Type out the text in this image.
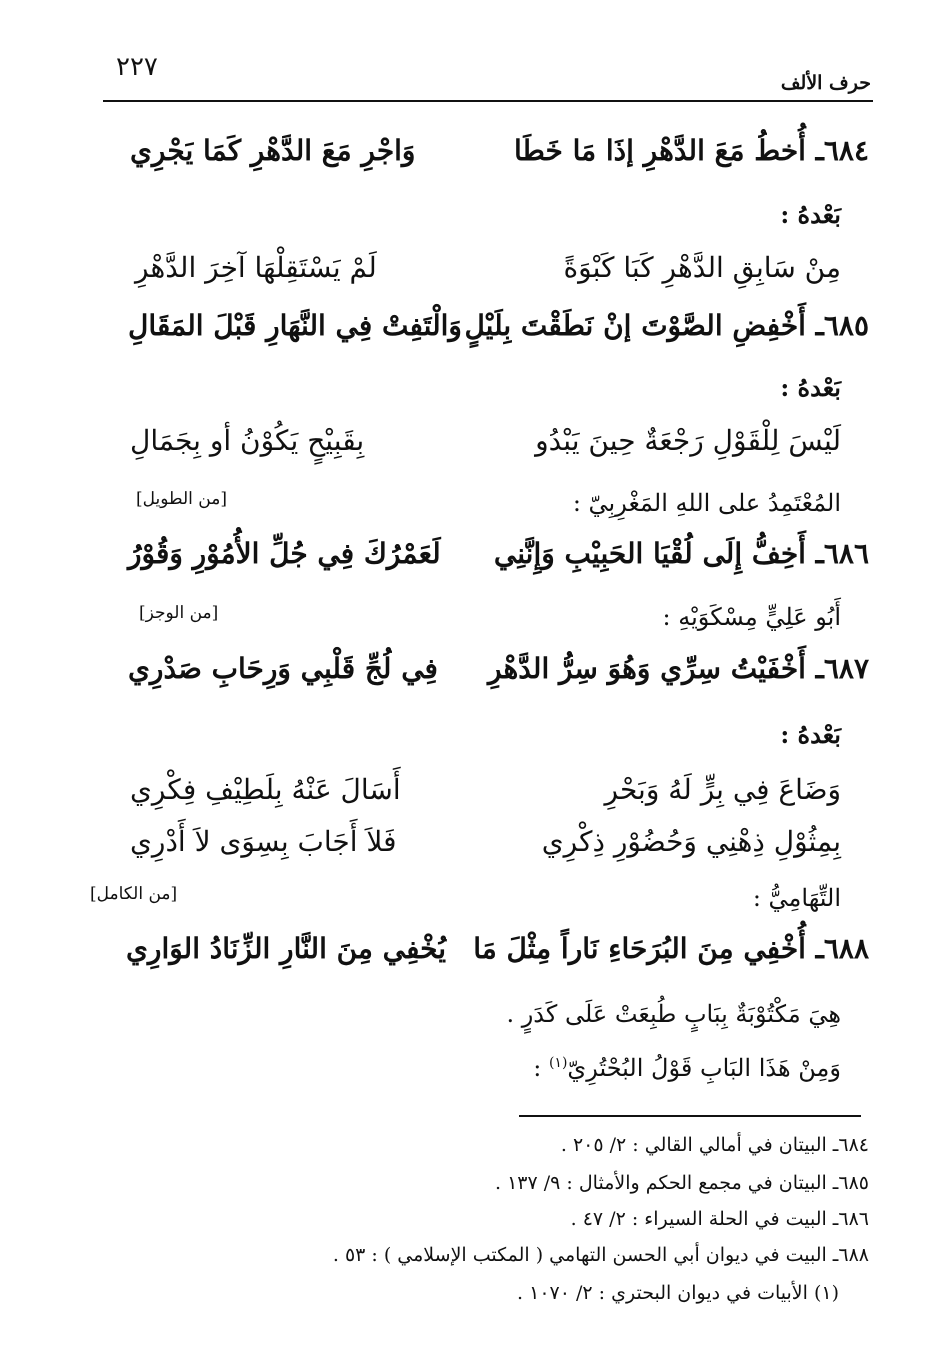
٢٢٧
حرف الألف
٦٨٤ـ أُخطُ مَعَ الدَّهْرِ إذَا مَا خَطَا
وَاجْرِ مَعَ الدَّهْرِ كَمَا يَجْرِي
بَعْدهُ :
مِنْ سَابِقِ الدَّهْرِ كَبَا كَبْوَةً
لَمْ يَسْتَقِلْهَا آخِرَ الدَّهْرِ
٦٨٥ـ أَخْفِضِ الصَّوْتَ إنْ نَطَقْتَ بِلَيْلٍ
وَالْتَفِتْ فِي النَّهَارِ قَبْلَ المَقَالِ
بَعْدهُ :
لَيْسَ لِلْقَوْلِ رَجْعَةٌ حِينَ يَبْدُو
بِقَبِيْحٍ يَكُوْنُ أو بِجَمَالِ
المُعْتَمِدُ على اللهِ المَغْرِبِيّ :
[من الطويل]
٦٨٦ـ أَخِفُّ إِلَى لُقْيَا الحَبِيْبِ وَإِنَّنِي
لَعَمْرُكَ فِي جُلِّ الأُمُوْرِ وَقُوْرُ
أَبُو عَلِيٍّ مِسْكَوَيْهِ :
[من الوجز]
٦٨٧ـ أَخْفَيْتُ سِرِّي وَهُوَ سِرُّ الدَّهْرِ
فِي لُجِّ قَلْبِي وَرِحَابِ صَدْرِي
بَعْدهُ :
وَضَاعَ فِي بِرٍّ لَهُ وَبَحْرِ
أَسَالَ عَنْهُ بِلَطِيْفِ فِكْرِي
بِمِثُوْلِ ذِهْنِي وَحُضُوْرِ ذِكْرِي
فَلاَ أَجَابَ بِسِوَى لاَ أَدْرِي
التِّهَامِيُّ :
[من الكامل]
٦٨٨ـ أُخْفِي مِنَ البُرَحَاءِ نَاراً مِثْلَ مَا
يُخْفِي مِنَ النَّارِ الزِّنَادُ الوَارِي
هِيَ مَكْتُوْبَةٌ بِبَابٍ طُبِعَتْ عَلَى كَدَرٍ .
وَمِنْ هَذَا البَابِ قَوْلُ البُحْتُرِيّ$^{(١)}$ :
٦٨٤ـ البيتان في أمالي القالي : ٢/ ٢٠٥ .
٦٨٥ـ البيتان في مجمع الحكم والأمثال : ٩/ ١٣٧ .
٦٨٦ـ البيت في الحلة السيراء : ٢/ ٤٧ .
٦٨٨ـ البيت في ديوان أبي الحسن التهامي ( المكتب الإسلامي ) : ٥٣ .
(١) الأبيات في ديوان البحتري : ٢/ ١٠٧٠ .
